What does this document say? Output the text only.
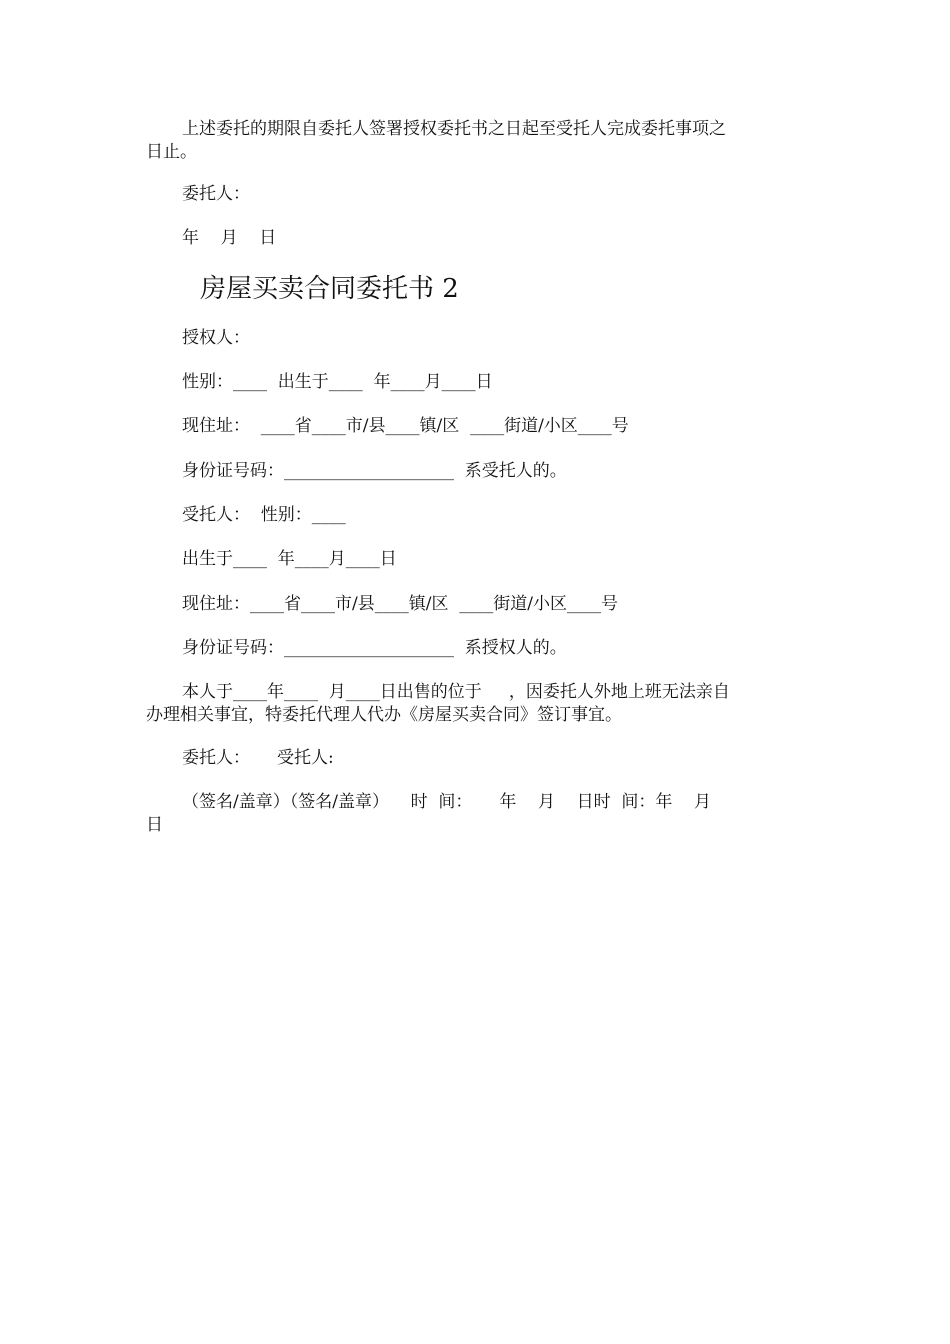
上述委托的期限自委托人签署授权委托书之日起至受托人完成委托事项之
日止。
委托人：
年    月    日
房屋买卖合同委托书 2
授权人：
性别：____  出生于____  年____月____日
现住址：  ____省____市/县____镇/区  ____街道/小区____号
身份证号码：____________________  系受托人的。
受托人：  性别：____
出生于____  年____月____日
现住址：____省____市/县____镇/区  ____街道/小区____号
身份证号码：____________________  系授权人的。
本人于____年____  月____日出售的位于     ，因委托人外地上班无法亲自
办理相关事宜，特委托代理人代办《房屋买卖合同》签订事宜。
委托人：     受托人:
（签名/盖章）（签名/盖章）    时  间：     年    月    日时  间：年    月
日
